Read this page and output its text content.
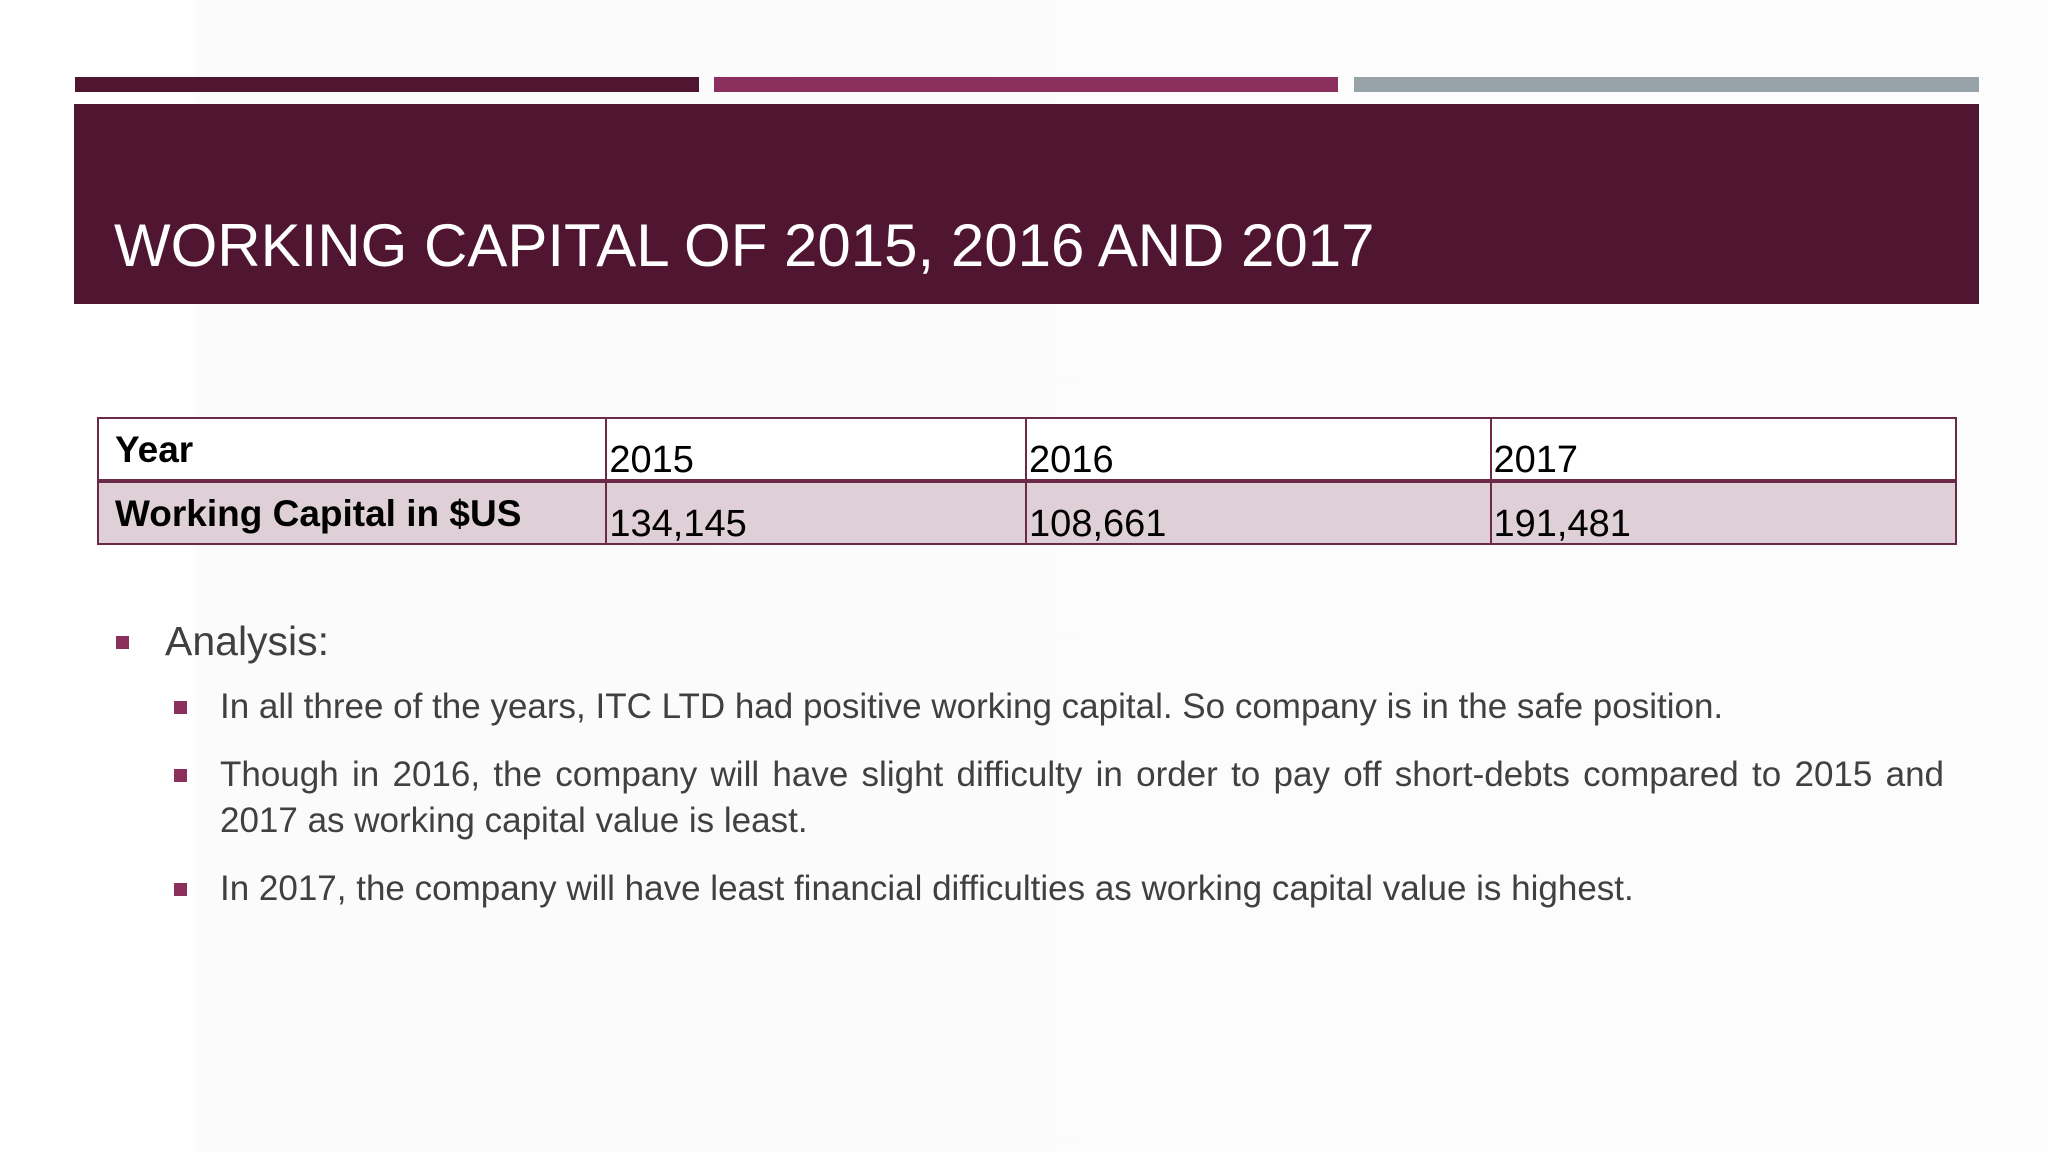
WORKING CAPITAL OF 2015, 2016 AND 2017
Year	2015	2016	2017

Working Capital in $US	134,145	108,661	191,481
Analysis:
In all three of the years, ITC LTD had positive working capital. So company is in the safe position.
Though in 2016, the company will have slight difficulty in order to pay off short-debts compared to 2015 and 2017 as working capital value is least.
In 2017, the company will have least financial difficulties as working capital value is highest.
